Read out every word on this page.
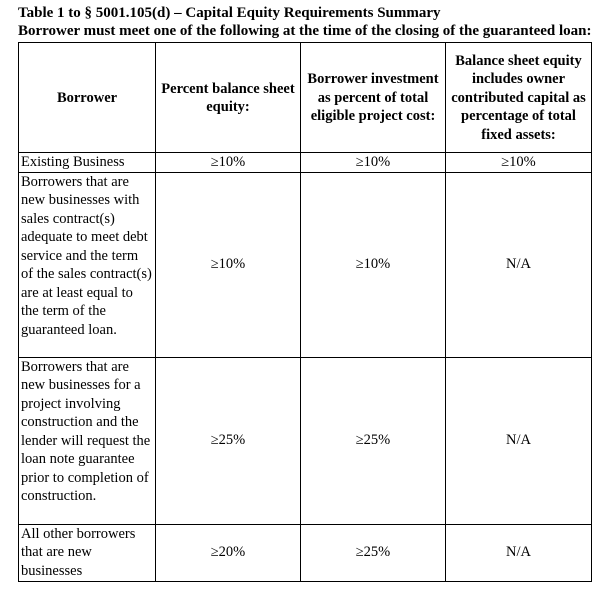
Table 1 to § 5001.105(d) – Capital Equity Requirements Summary
Borrower must meet one of the following at the time of the closing of the guaranteed loan:
Borrower	Percent balance sheet equity:	Borrower investment as percent of total eligible project cost:	Balance sheet equity includes owner contributed capital as percentage of total fixed assets:
Existing Business	≥10%	≥10%	≥10%
Borrowers that are new businesses with sales contract(s) adequate to meet debt service and the term of the sales contract(s) are at least equal to the term of the guaranteed loan.	≥10%	≥10%	N/A
Borrowers that are new businesses for a project involving construction and the lender will request the loan note guarantee prior to completion of construction.	≥25%	≥25%	N/A
All other borrowers that are new businesses	≥20%	≥25%	N/A
